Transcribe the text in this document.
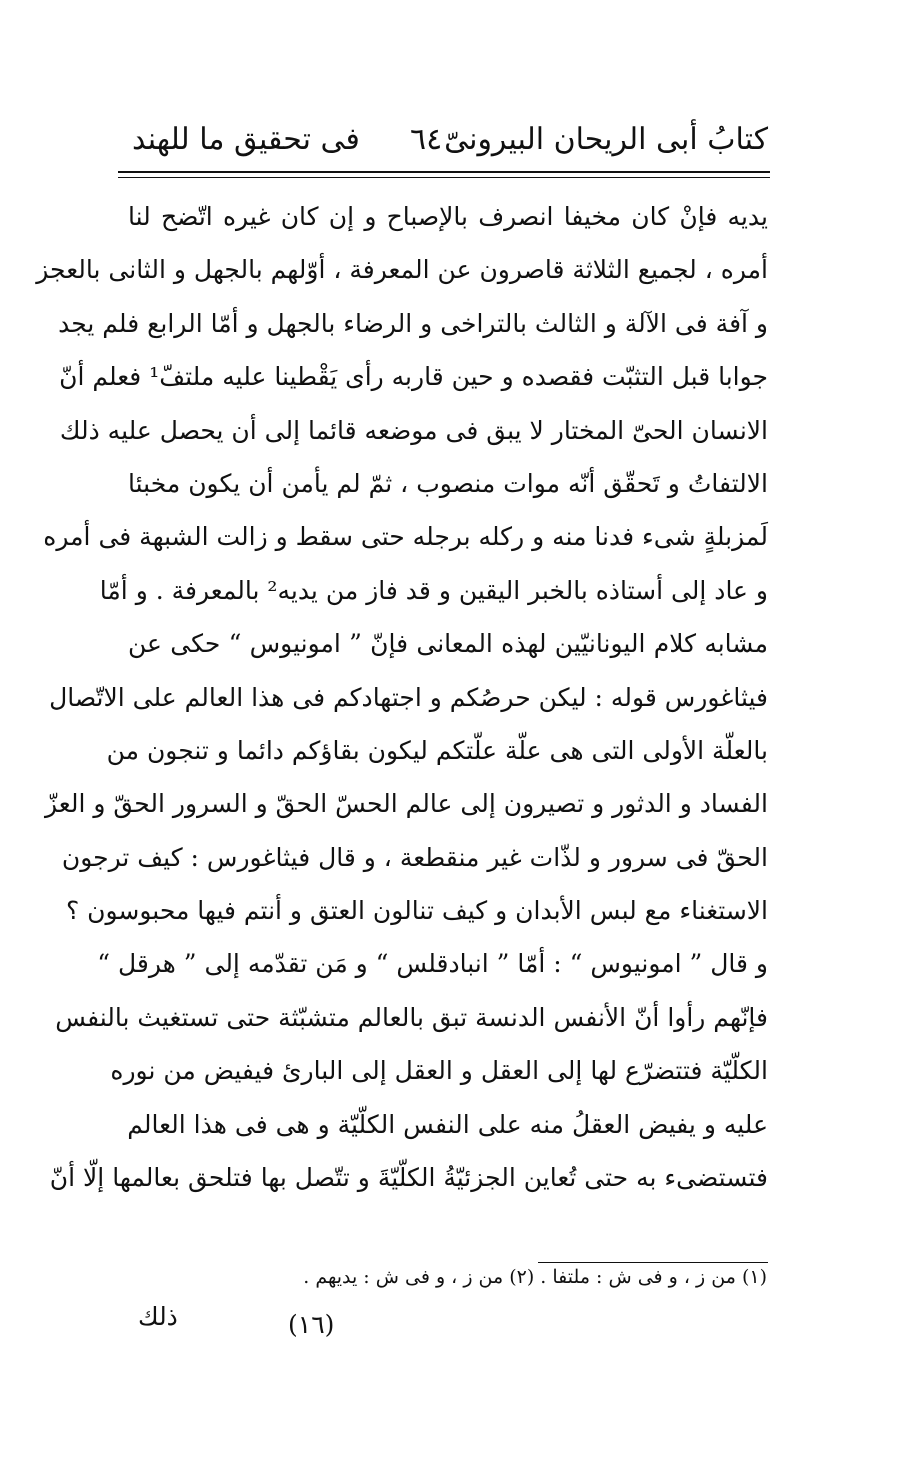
كتابُ أبى الريحان البيرونىّ
٦٤
فى تحقيق ما للهند
يديه فإنْ كان مخيفا انصرف بالإصباح و إن كان غيره اتّضح لنا
أمره ، لجميع الثلاثة قاصرون عن المعرفة ، أوّلهم بالجهل و الثانى بالعجز
و آفة فى الآلة و الثالث بالتراخى و الرضاء بالجهل و أمّا الرابع فلم يجد
جوابا قبل التثبّت فقصده و حين قاربه رأى يَقْطينا عليه ملتفّ¹ فعلم أنّ
الانسان الحىّ المختار لا يبق فى موضعه قائما إلى أن يحصل عليه ذلك
الالتفاتُ و تَحقّق أنّه موات منصوب ، ثمّ لم يأمن أن يكون مخبئا
لَمزبلةٍ شىء فدنا منه و ركله برجله حتى سقط و زالت الشبهة فى أمره
و عاد إلى أستاذه بالخبر اليقين و قد فاز من يديه² بالمعرفة . و أمّا
مشابه كلام اليونانيّين لهذه المعانى فإنّ ” امونيوس “ حكى عن
فيثاغورس قوله : ليكن حرصُكم و اجتهادكم فى هذا العالم على الاتّصال
بالعلّة الأولى التى هى علّة علّتكم ليكون بقاؤكم دائما و تنجون من
الفساد و الدثور و تصيرون إلى عالم الحسّ الحقّ و السرور الحقّ و العزّ
الحقّ فى سرور و لذّات غير منقطعة ، و قال فيثاغورس : كيف ترجون
الاستغناء مع لبس الأبدان و كيف تنالون العتق و أنتم فيها محبوسون ؟
و قال ” امونيوس “ : أمّا ” انبادقلس “ و مَن تقدّمه إلى ” هرقل “
فإنّهم رأوا أنّ الأنفس الدنسة تبق بالعالم متشبّثة حتى تستغيث بالنفس
الكلّيّة فتتضرّع لها إلى العقل و العقل إلى البارئ فيفيض من نوره
عليه و يفيض العقلُ منه على النفس الكلّيّة و هى فى هذا العالم
فتستضىء به حتى تُعاين الجزئيّةُ الكلّيّةَ و تتّصل بها فتلحق بعالمها إلّا أنّ
(١) من ز ، و فى ش : ملتفا . (٢) من ز ، و فى ش : يديهم .
ذلك	(١٦)
